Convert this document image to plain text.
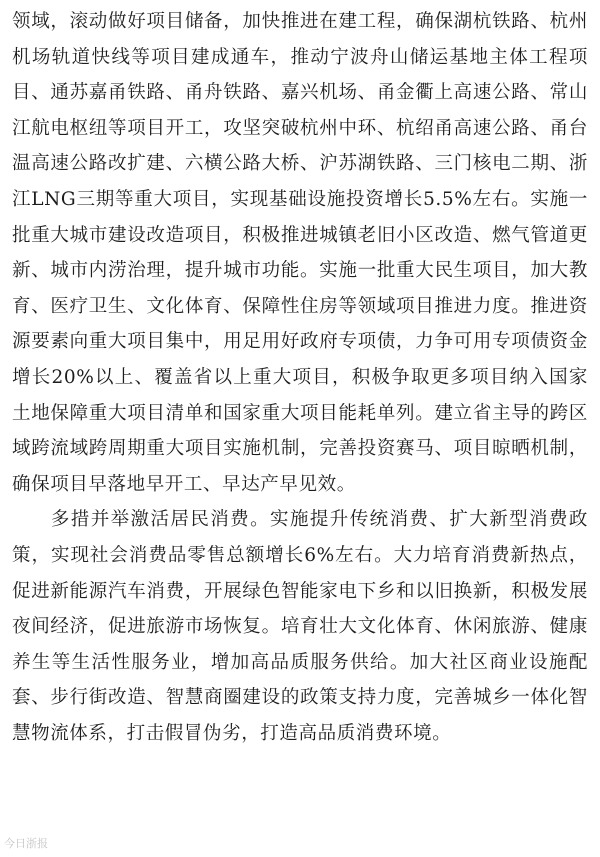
领域，滚动做好项目储备，加快推进在建工程，确保湖杭铁路、杭州机场轨道快线等项目建成通车，推动宁波舟山储运基地主体工程项目、通苏嘉甬铁路、甬舟铁路、嘉兴机场、甬金衢上高速公路、常山江航电枢纽等项目开工，攻坚突破杭州中环、杭绍甬高速公路、甬台温高速公路改扩建、六横公路大桥、沪苏湖铁路、三门核电二期、浙江LNG三期等重大项目，实现基础设施投资增长5.5%左右。实施一批重大城市建设改造项目，积极推进城镇老旧小区改造、燃气管道更新、城市内涝治理，提升城市功能。实施一批重大民生项目，加大教育、医疗卫生、文化体育、保障性住房等领域项目推进力度。推进资源要素向重大项目集中，用足用好政府专项债，力争可用专项债资金增长20%以上、覆盖省以上重大项目，积极争取更多项目纳入国家土地保障重大项目清单和国家重大项目能耗单列。建立省主导的跨区域跨流域跨周期重大项目实施机制，完善投资赛马、项目晾晒机制，确保项目早落地早开工、早达产早见效。

多措并举激活居民消费。实施提升传统消费、扩大新型消费政策，实现社会消费品零售总额增长6%左右。大力培育消费新热点，促进新能源汽车消费，开展绿色智能家电下乡和以旧换新，积极发展夜间经济，促进旅游市场恢复。培育壮大文化体育、休闲旅游、健康养生等生活性服务业，增加高品质服务供给。加大社区商业设施配套、步行街改造、智慧商圈建设的政策支持力度，完善城乡一体化智慧物流体系，打击假冒伪劣，打造高品质消费环境。

今日浙报
